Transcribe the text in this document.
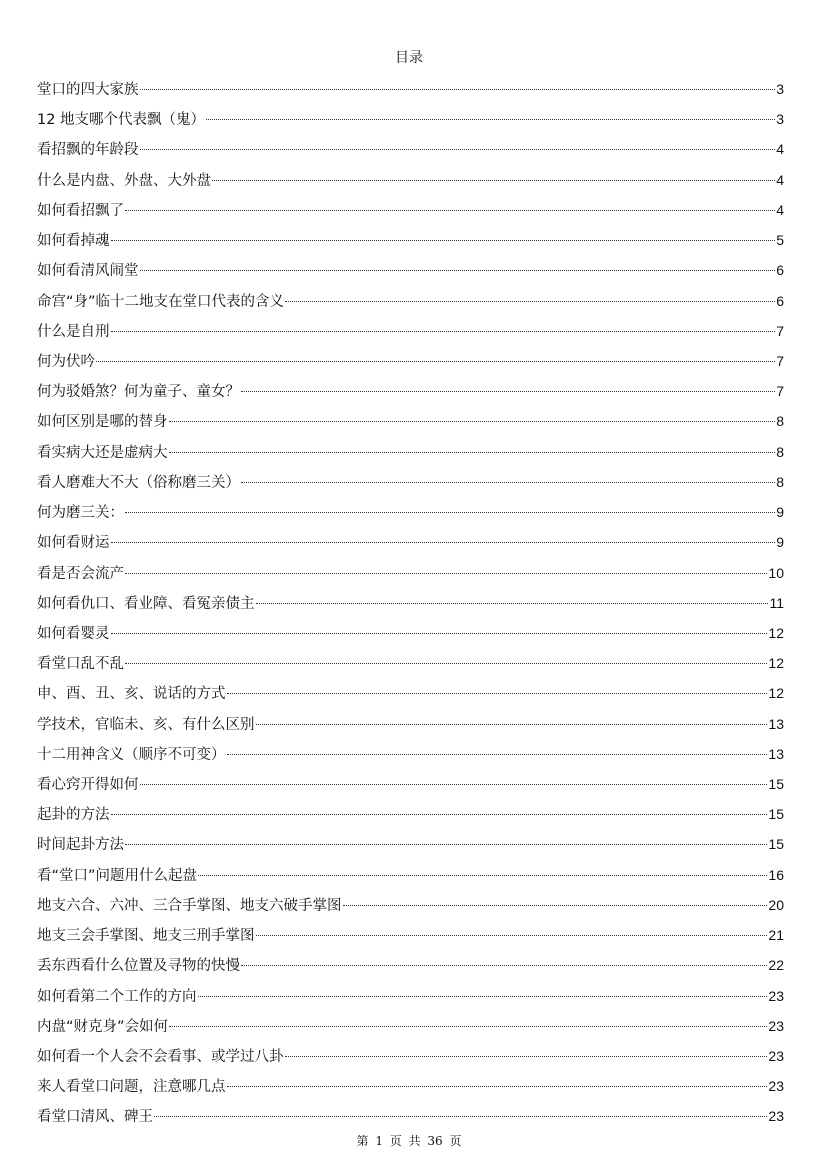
目录
堂口的四大家族	3
12 地支哪个代表飘（鬼）	3
看招飘的年龄段	4
什么是内盘、外盘、大外盘	4
如何看招飘了	4
如何看掉魂	5
如何看清风闹堂	6
命宫“身”临十二地支在堂口代表的含义	6
什么是自刑	7
何为伏吟	7
何为驳婚煞？何为童子、童女？	7
如何区别是哪的替身	8
看实病大还是虚病大	8
看人磨难大不大（俗称磨三关）	8
何为磨三关：	9
如何看财运	9
看是否会流产	10
如何看仇口、看业障、看冤亲债主	11
如何看婴灵	12
看堂口乱不乱	12
申、酉、丑、亥、说话的方式	12
学技术，官临未、亥、有什么区别	13
十二用神含义（顺序不可变）	13
看心窍开得如何	15
起卦的方法	15
时间起卦方法	15
看“堂口”问题用什么起盘	16
地支六合、六冲、三合手掌图、地支六破手掌图	20
地支三会手掌图、地支三刑手掌图	21
丢东西看什么位置及寻物的快慢	22
如何看第二个工作的方向	23
内盘“财克身”会如何	23
如何看一个人会不会看事、或学过八卦	23
来人看堂口问题，注意哪几点	23
看堂口清风、碑王	23
第 1 页 共 36 页
